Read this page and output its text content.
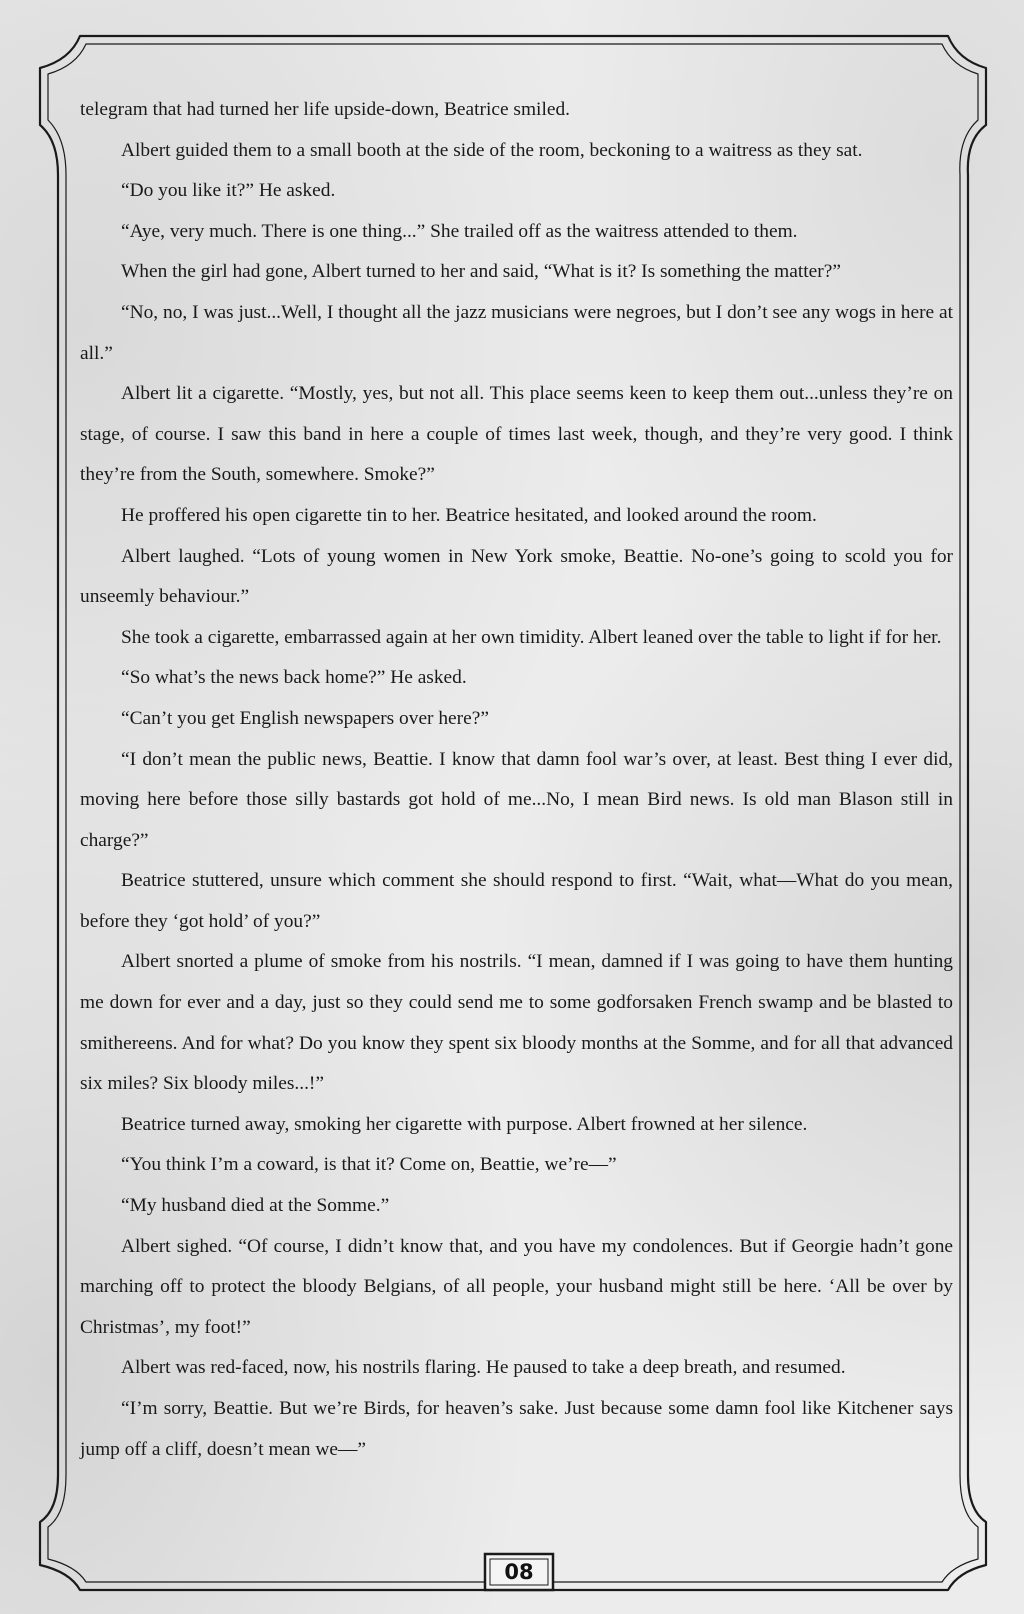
08

telegram that had turned her life upside-down, Beatrice smiled.

Albert guided them to a small booth at the side of the room, beckoning to a waitress as they sat.

“Do you like it?” He asked.

“Aye, very much. There is one thing...” She trailed off as the waitress attended to them.

When the girl had gone, Albert turned to her and said, “What is it? Is something the matter?”

“No, no, I was just...Well, I thought all the jazz musicians were negroes, but I don’t see any wogs in here at all.”

Albert lit a cigarette. “Mostly, yes, but not all. This place seems keen to keep them out...unless they’re on stage, of course. I saw this band in here a couple of times last week, though, and they’re very good. I think they’re from the South, somewhere. Smoke?”

He proffered his open cigarette tin to her. Beatrice hesitated, and looked around the room.

Albert laughed. “Lots of young women in New York smoke, Beattie. No-one’s going to scold you for unseemly behaviour.”

She took a cigarette, embarrassed again at her own timidity. Albert leaned over the table to light if for her.

“So what’s the news back home?” He asked.

“Can’t you get English newspapers over here?”

“I don’t mean the public news, Beattie. I know that damn fool war’s over, at least. Best thing I ever did, moving here before those silly bastards got hold of me...No, I mean Bird news. Is old man Blason still in charge?”

Beatrice stuttered, unsure which comment she should respond to first. “Wait, what—What do you mean, before they ‘got hold’ of you?”

Albert snorted a plume of smoke from his nostrils. “I mean, damned if I was going to have them hunting me down for ever and a day, just so they could send me to some godforsaken French swamp and be blasted to smithereens. And for what? Do you know they spent six bloody months at the Somme, and for all that advanced six miles? Six bloody miles...!”

Beatrice turned away, smoking her cigarette with purpose. Albert frowned at her silence.

“You think I’m a coward, is that it? Come on, Beattie, we’re—”

“My husband died at the Somme.”

Albert sighed. “Of course, I didn’t know that, and you have my condolences. But if Georgie hadn’t gone marching off to protect the bloody Belgians, of all people, your husband might still be here. ‘All be over by Christmas’, my foot!”

Albert was red-faced, now, his nostrils flaring. He paused to take a deep breath, and resumed.

“I’m sorry, Beattie. But we’re Birds, for heaven’s sake. Just because some damn fool like Kitchener says jump off a cliff, doesn’t mean we—”
